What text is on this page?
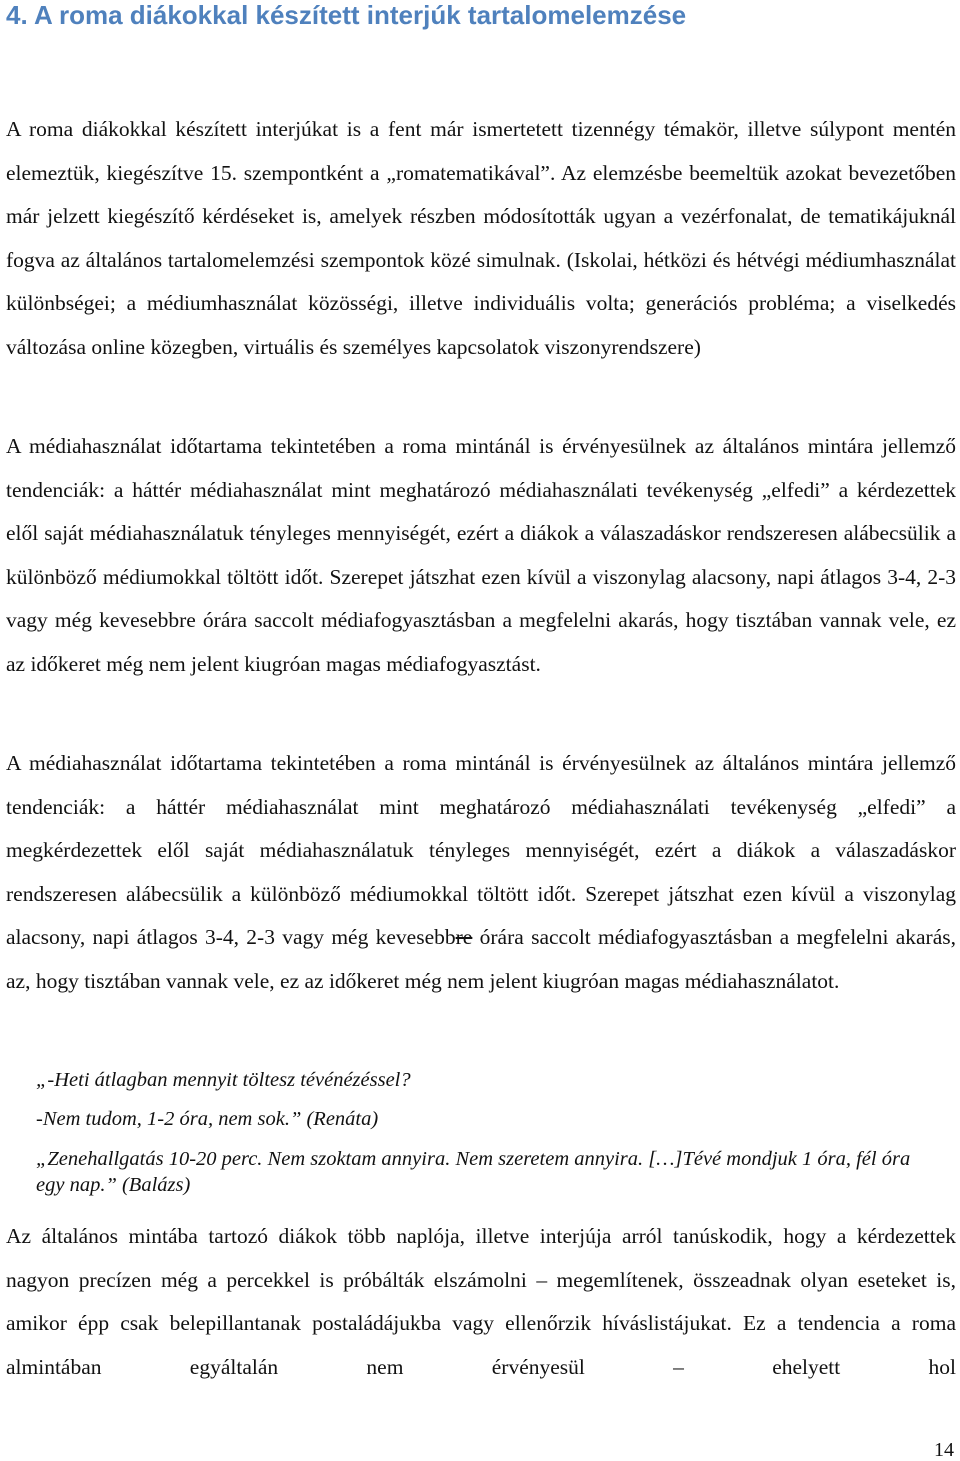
4. A roma diákokkal készített interjúk tartalomelemzése

A roma diákokkal készített interjúkat is a fent már ismertetett tizennégy témakör, illetve súlypont mentén elemeztük, kiegészítve 15. szempontként a „romatematikával”. Az elemzésbe beemeltük azokat bevezetőben már jelzett kiegészítő kérdéseket is, amelyek részben módosították ugyan a vezérfonalat, de tematikájuknál fogva az általános tartalomelemzési szempontok közé simulnak. (Iskolai, hétközi és hétvégi médiumhasználat különbségei; a médiumhasználat közösségi, illetve individuális volta; generációs probléma; a viselkedés változása online közegben, virtuális és személyes kapcsolatok viszonyrendszere)

A médiahasználat időtartama tekintetében a roma mintánál is érvényesülnek az általános mintára jellemző tendenciák: a háttér médiahasználat mint meghatározó médiahasználati tevékenység „elfedi” a kérdezettek elől saját médiahasználatuk tényleges mennyiségét, ezért a diákok a válaszadáskor rendszeresen alábecsülik a különböző médiumokkal töltött időt. Szerepet játszhat ezen kívül a viszonylag alacsony, napi átlagos 3-4, 2-3 vagy még kevesebbre órára saccolt médiafogyasztásban a megfelelni akarás, hogy tisztában vannak vele, ez az időkeret még nem jelent kiugróan magas médiafogyasztást.

A médiahasználat időtartama tekintetében a roma mintánál is érvényesülnek az általános mintára jellemző tendenciák: a háttér médiahasználat mint meghatározó médiahasználati tevékenység „elfedi” a megkérdezettek elől saját médiahasználatuk tényleges mennyiségét, ezért a diákok a válaszadáskor rendszeresen alábecsülik a különböző médiumokkal töltött időt. Szerepet játszhat ezen kívül a viszonylag alacsony, napi átlagos 3-4, 2-3 vagy még kevesebbre órára saccolt médiafogyasztásban a megfelelni akarás, az, hogy tisztában vannak vele, ez az időkeret még nem jelent kiugróan magas médiahasználatot.

„-Heti átlagban mennyit töltesz tévénézéssel?

-Nem tudom, 1-2 óra, nem sok.” (Renáta)

„Zenehallgatás 10-20 perc. Nem szoktam annyira. Nem szeretem annyira. […]Tévé mondjuk 1 óra, fél óra egy nap.” (Balázs)

Az általános mintába tartozó diákok több naplója, illetve interjúja arról tanúskodik, hogy a kérdezettek nagyon precízen még a percekkel is próbálták elszámolni – megemlítenek, összeadnak olyan eseteket is, amikor épp csak belepillantanak postaládájukba vagy ellenőrzik híváslistájukat. Ez a tendencia a roma almintában egyáltalán nem érvényesül – ehelyett hol

14
